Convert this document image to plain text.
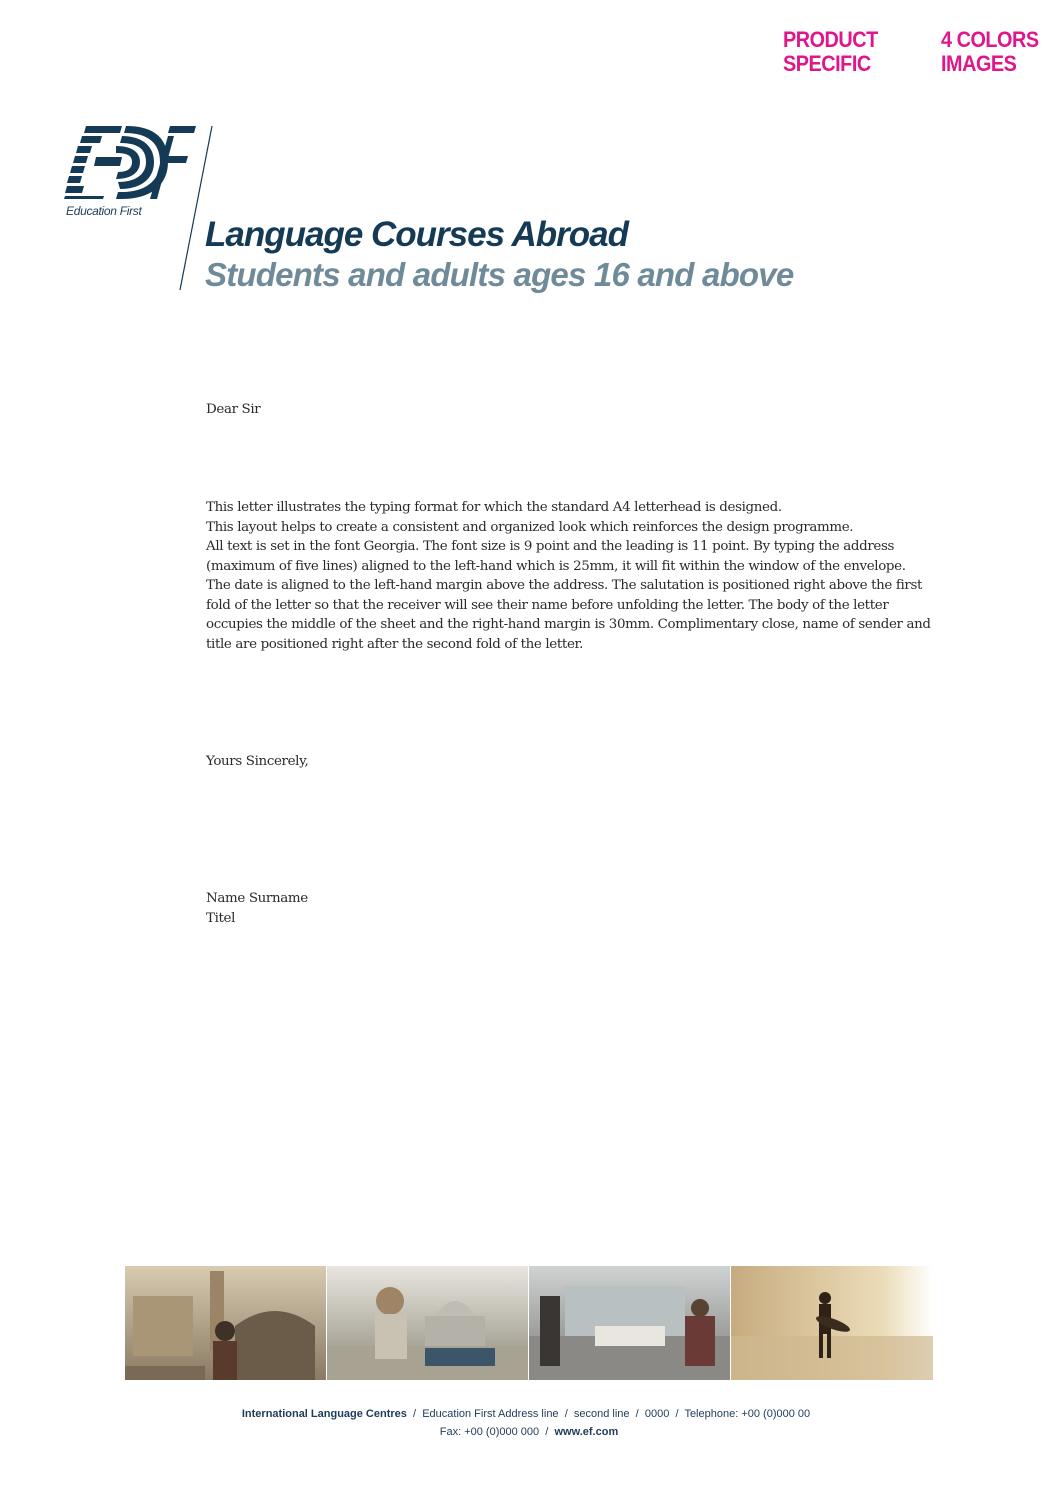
PRODUCT
SPECIFIC
4 COLORS
IMAGES
Education First
Language Courses Abroad
Students and adults ages 16 and above
Dear Sir

This letter illustrates the typing format for which the standard A4 letterhead is designed.

This layout helps to create a consistent and organized look which reinforces the design programme.

All text is set in the font Georgia. The font size is 9 point and the leading is 11 point. By typing the address (maximum of five lines) aligned to the left-hand which is 25mm, it will fit within the window of the envelope.

The date is aligned to the left-hand margin above the address. The salutation is positioned right above the first fold of the letter so that the receiver will see their name before unfolding the letter. The body of the letter occupies the middle of the sheet and the right-hand margin is 30mm. Complimentary close, name of sender and title are positioned right after the second fold of the letter.

Yours Sincerely,
Name Surname
Titel
International Language Centres / Education First Address line / second line / 0000 / Telephone: +00 (0)000 00
Fax: +00 (0)000 000 / www.ef.com
